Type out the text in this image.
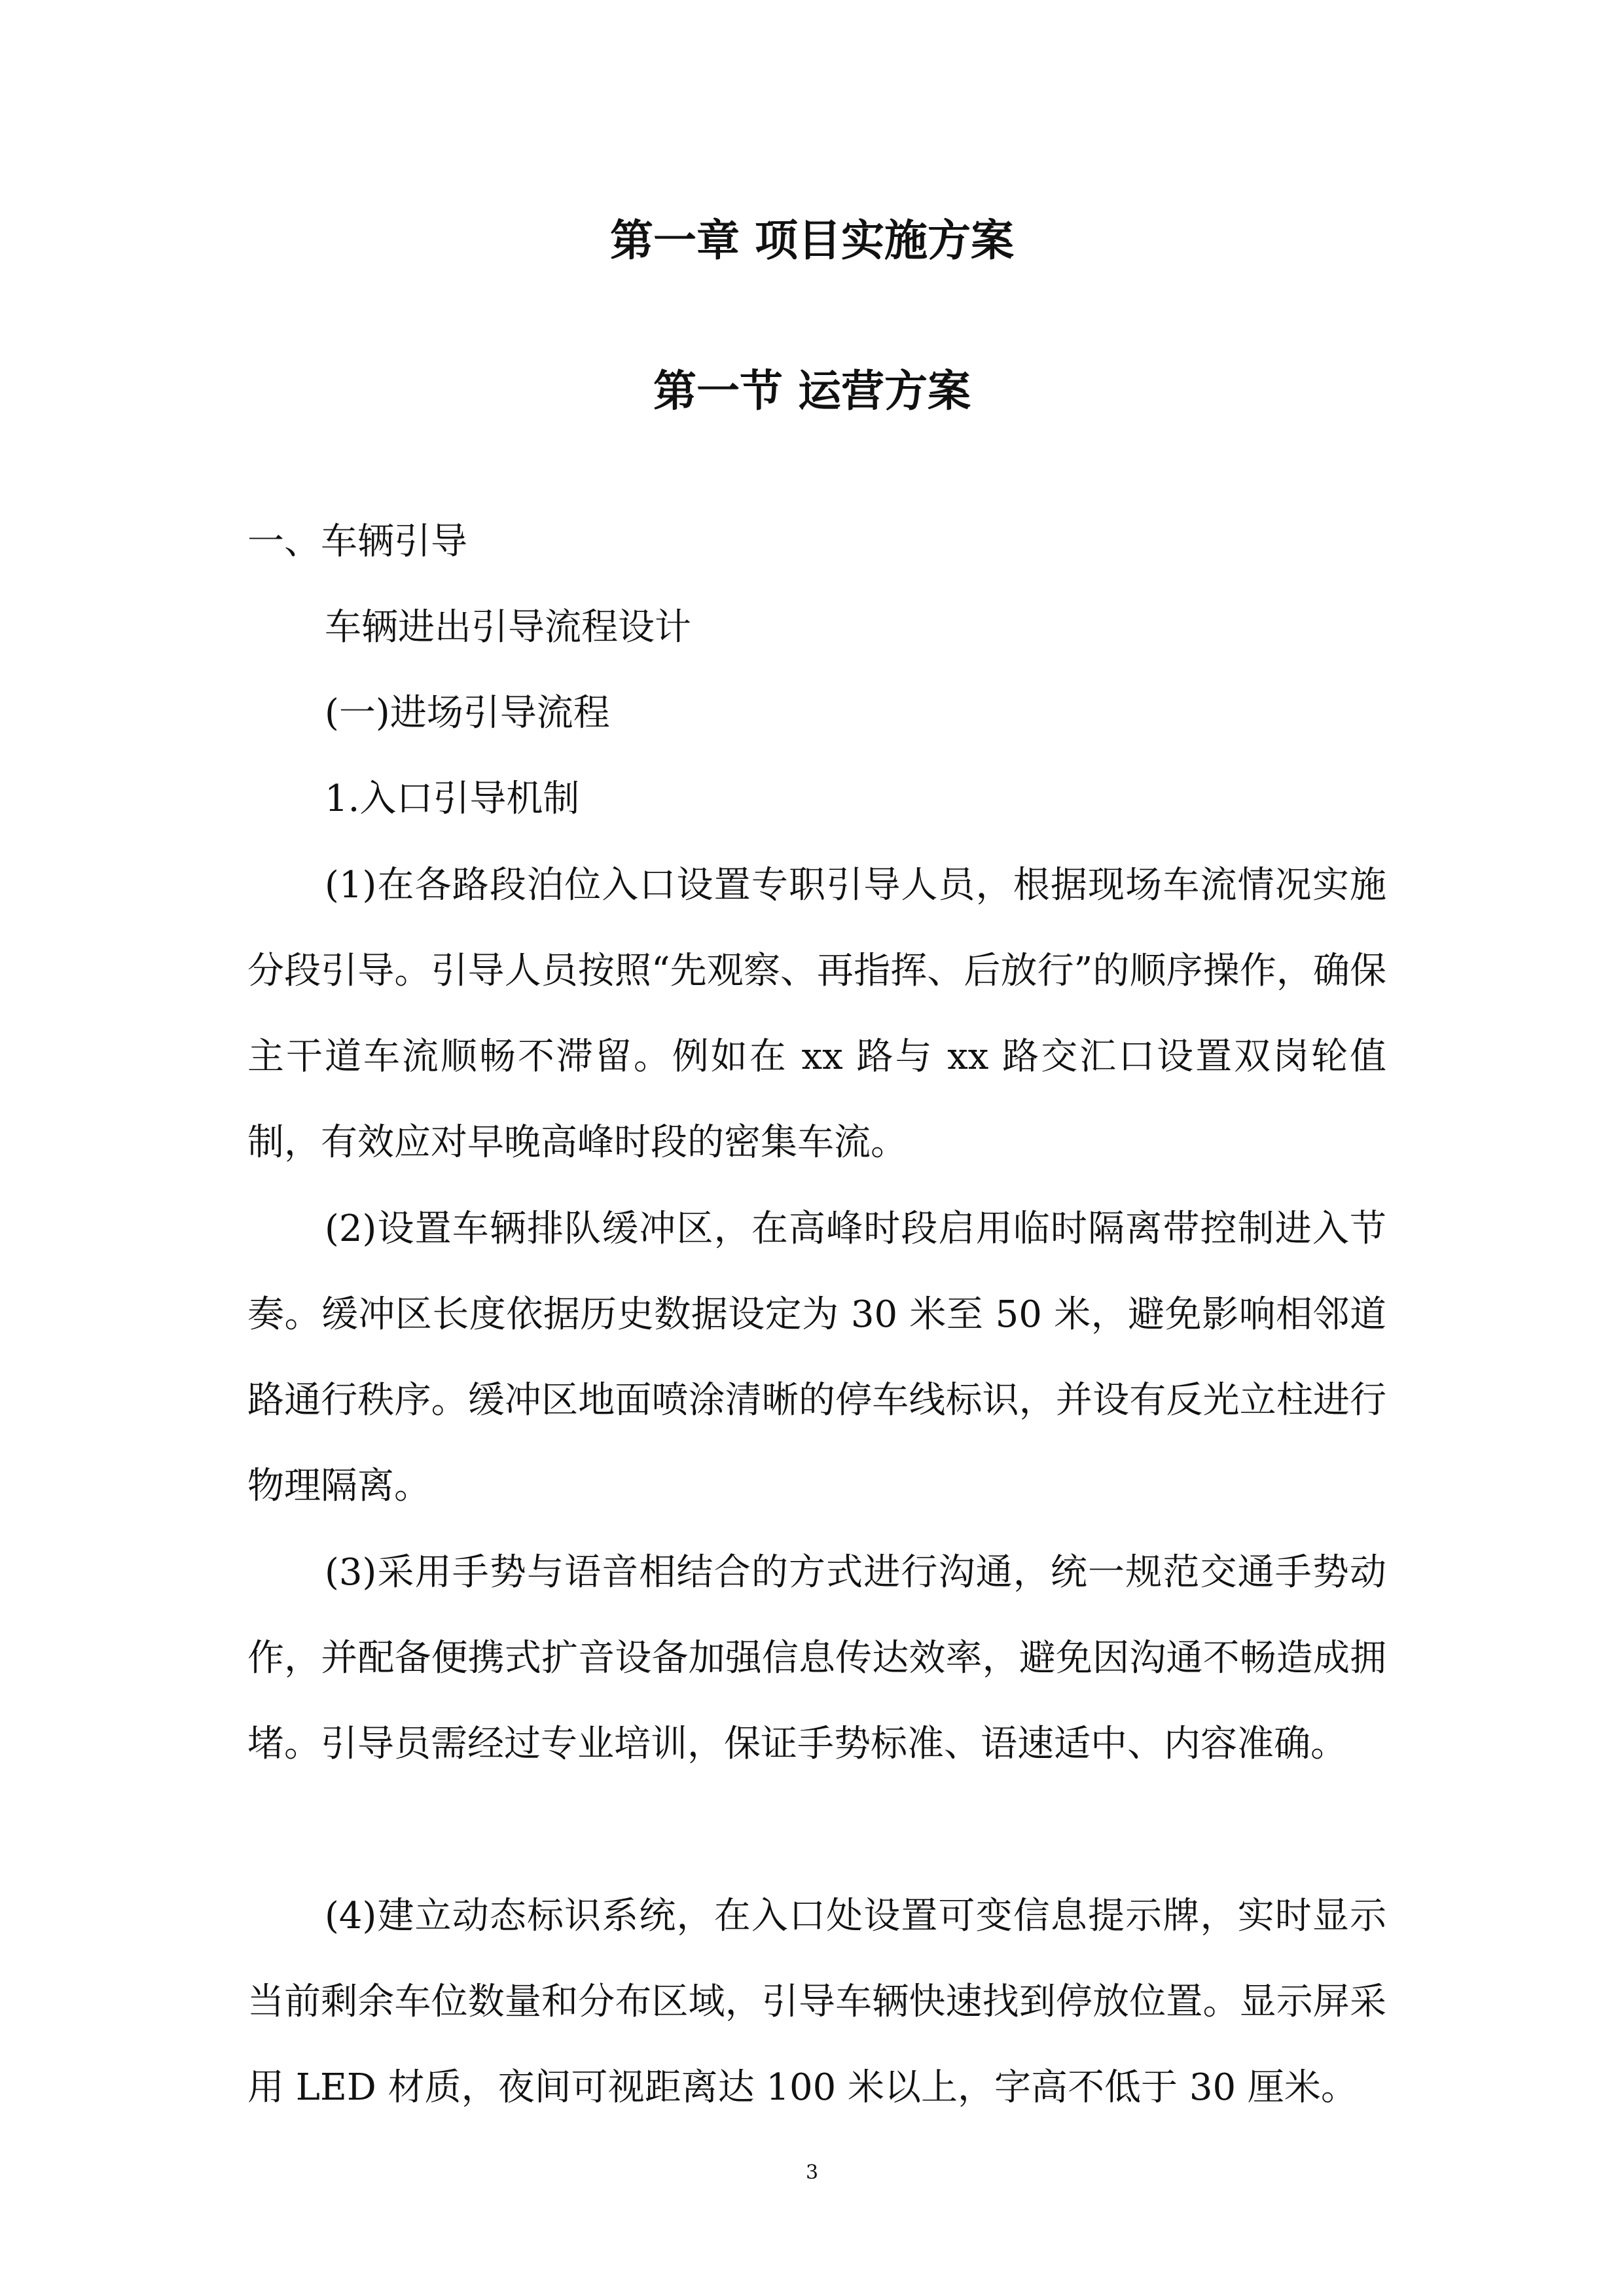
第一章 项目实施方案
第一节 运营方案

一、车辆引导

车辆进出引导流程设计

(一)进场引导流程

1.入口引导机制

(1)在各路段泊位入口设置专职引导人员，根据现场车流情况实施分段引导。引导人员按照“先观察、再指挥、后放行”的顺序操作，确保主干道车流顺畅不滞留。例如在 xx 路与 xx 路交汇口设置双岗轮值制，有效应对早晚高峰时段的密集车流。

(2)设置车辆排队缓冲区，在高峰时段启用临时隔离带控制进入节奏。缓冲区长度依据历史数据设定为 30 米至 50 米，避免影响相邻道路通行秩序。缓冲区地面喷涂清晰的停车线标识，并设有反光立柱进行物理隔离。

(3)采用手势与语音相结合的方式进行沟通，统一规范交通手势动作，并配备便携式扩音设备加强信息传达效率，避免因沟通不畅造成拥堵。引导员需经过专业培训，保证手势标准、语速适中、内容准确。

(4)建立动态标识系统，在入口处设置可变信息提示牌，实时显示当前剩余车位数量和分布区域，引导车辆快速找到停放位置。显示屏采用 LED 材质，夜间可视距离达 100 米以上，字高不低于 30 厘米。

3
